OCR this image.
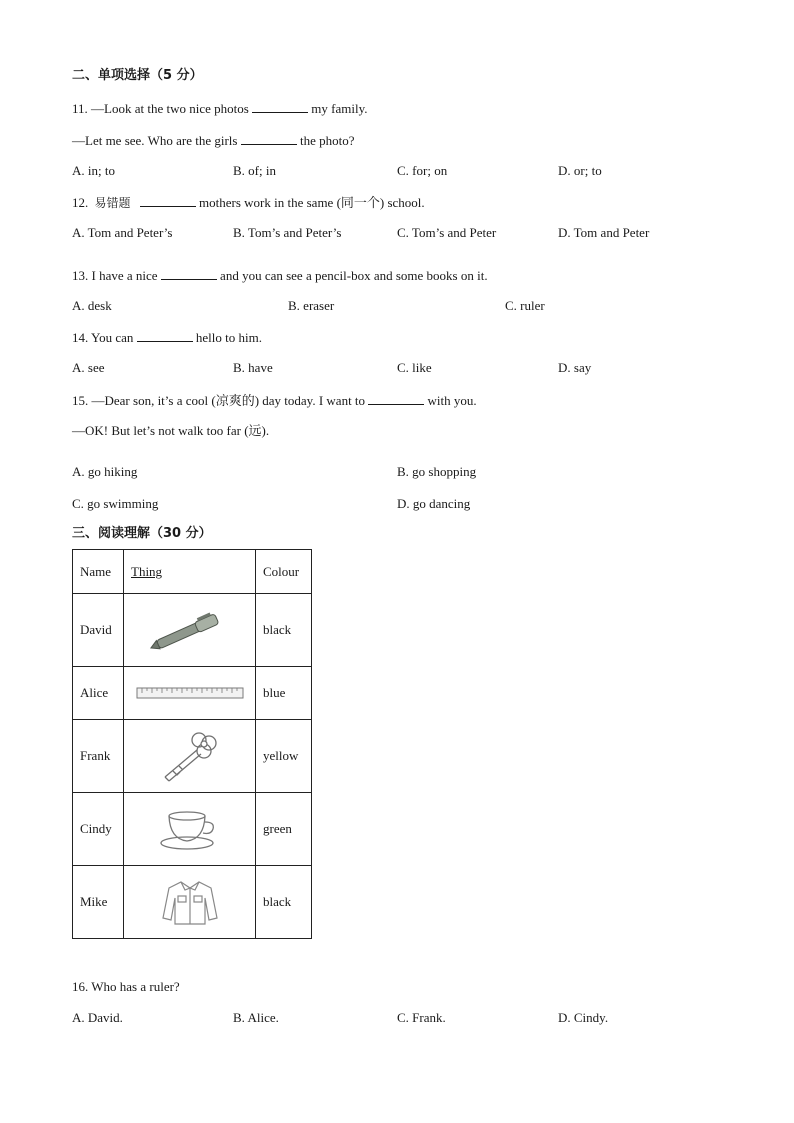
二、单项选择（5 分）
11. —Look at the two nice photos	my family.
—Let me see. Who are the girls	the photo?
A. in; to	B. of; in	C. for; on	D. or; to
12. 易错题	mothers work in the same (同一个) school.
A. Tom and Peter’s	B. Tom’s and Peter’s	C. Tom’s and Peter	D. Tom and Peter
13. I have a nice	and you can see a pencil-box and some books on it.
A. desk	B. eraser	C. ruler
14. You can	hello to him.
A. see	B. have	C. like	D. say
15. —Dear son, it’s a cool (凉爽的) day today. I want to	with you.
—OK! But let’s not walk too far (远).
A. go hiking	B. go shopping
C. go swimming	D. go dancing
三、阅读理解（30 分）
Name	Thing	Colour
David		black
Alice		blue
Frank		yellow
Cindy		green
Mike		black
16. Who has a ruler?
A. David.	B. Alice.	C. Frank.	D. Cindy.
